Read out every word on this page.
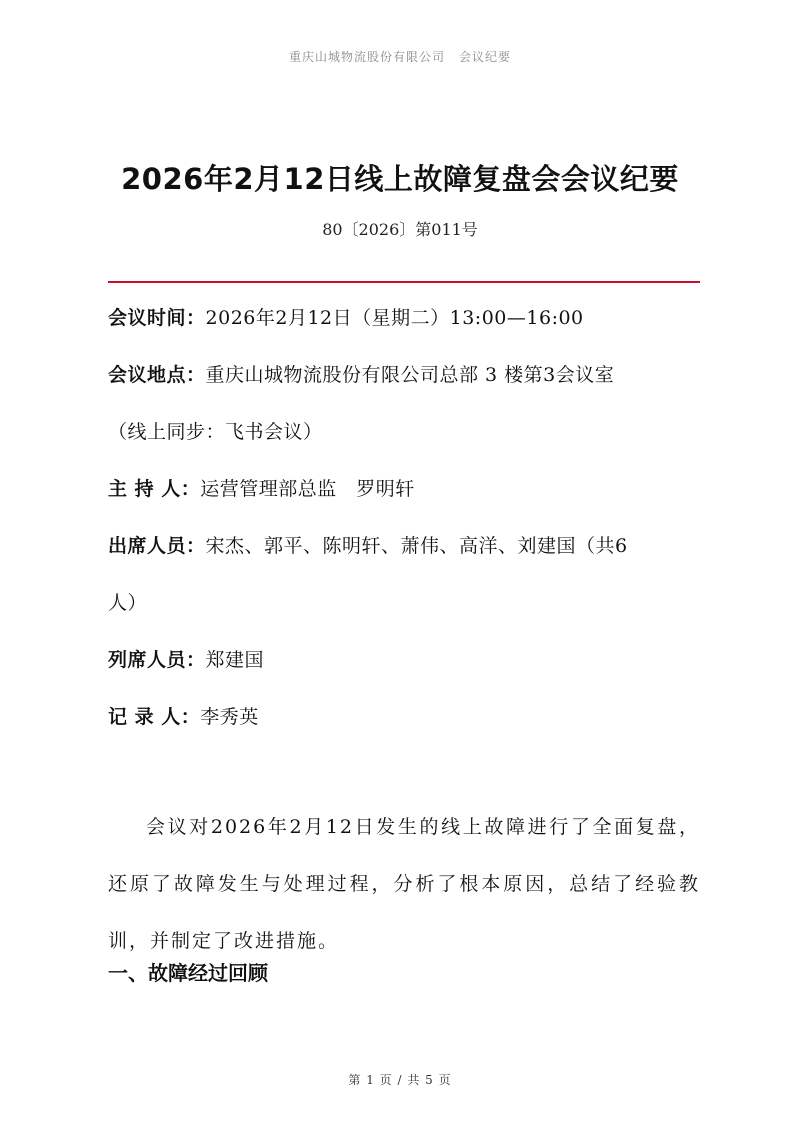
重庆山城物流股份有限公司 会议纪要
2026年2月12日线上故障复盘会会议纪要
80〔2026〕第011号
会议时间：2026年2月12日（星期二）13:00—16:00
会议地点：重庆山城物流股份有限公司总部 3 楼第3会议室
（线上同步：飞书会议）
主 持 人：运营管理部总监　罗明轩
出席人员：宋杰、郭平、陈明轩、萧伟、高洋、刘建国（共6
人）
列席人员：郑建国
记 录 人：李秀英

会议对2026年2月12日发生的线上故障进行了全面复盘，还原了故障发生与处理过程，分析了根本原因，总结了经验教训，并制定了改进措施。

一、故障经过回顾
第 1 页 / 共 5 页
